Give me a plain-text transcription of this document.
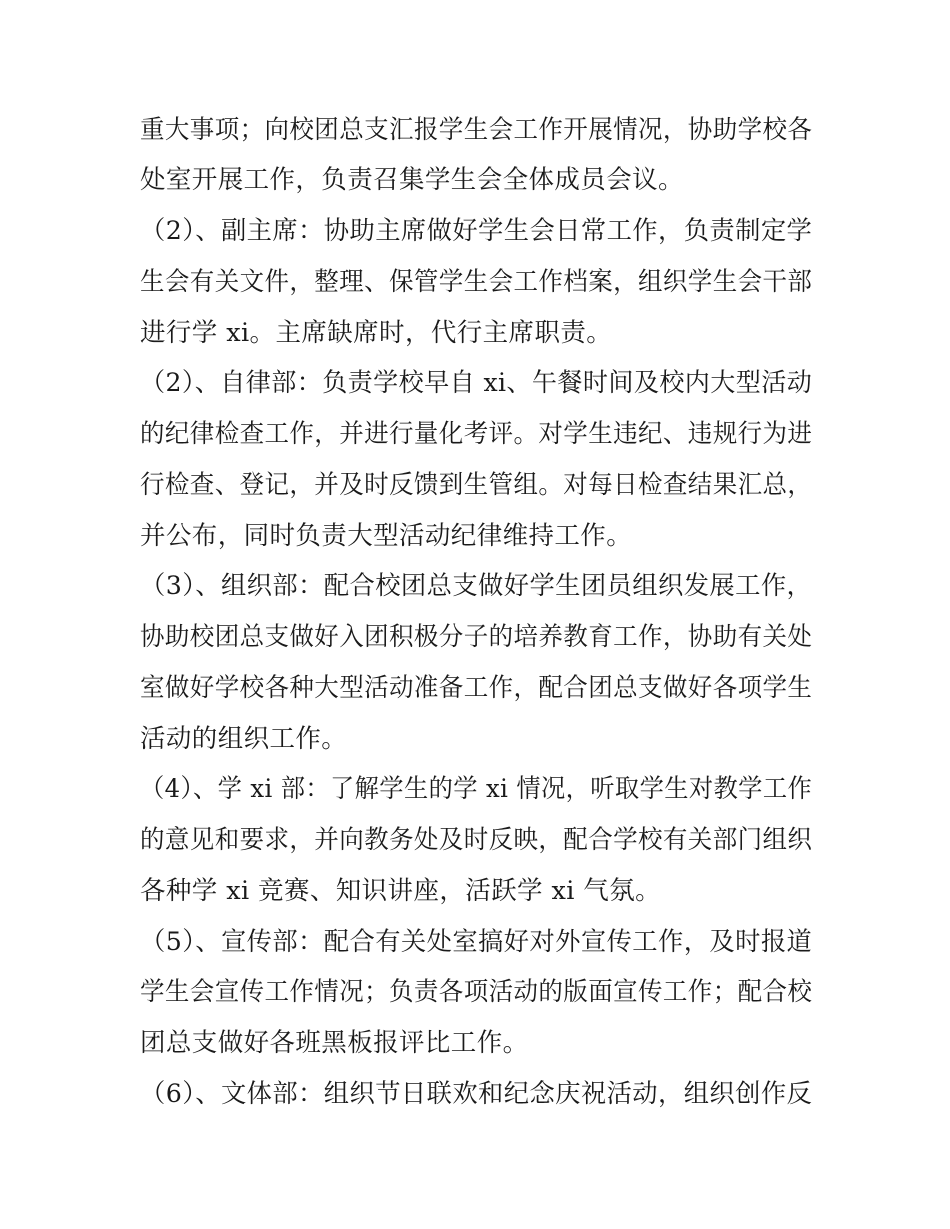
重大事项；向校团总支汇报学生会工作开展情况，协助学校各
处室开展工作，负责召集学生会全体成员会议。
（2）、副主席：协助主席做好学生会日常工作，负责制定学
生会有关文件，整理、保管学生会工作档案，组织学生会干部
进行学 xi。主席缺席时，代行主席职责。
（2）、自律部：负责学校早自 xi、午餐时间及校内大型活动
的纪律检查工作，并进行量化考评。对学生违纪、违规行为进
行检查、登记，并及时反馈到生管组。对每日检查结果汇总，
并公布，同时负责大型活动纪律维持工作。
（3）、组织部：配合校团总支做好学生团员组织发展工作，
协助校团总支做好入团积极分子的培养教育工作，协助有关处
室做好学校各种大型活动准备工作，配合团总支做好各项学生
活动的组织工作。
（4）、学 xi 部：了解学生的学 xi 情况，听取学生对教学工作
的意见和要求，并向教务处及时反映，配合学校有关部门组织
各种学 xi 竞赛、知识讲座，活跃学 xi 气氛。
（5）、宣传部：配合有关处室搞好对外宣传工作，及时报道
学生会宣传工作情况；负责各项活动的版面宣传工作；配合校
团总支做好各班黑板报评比工作。
（6）、文体部：组织节日联欢和纪念庆祝活动，组织创作反
